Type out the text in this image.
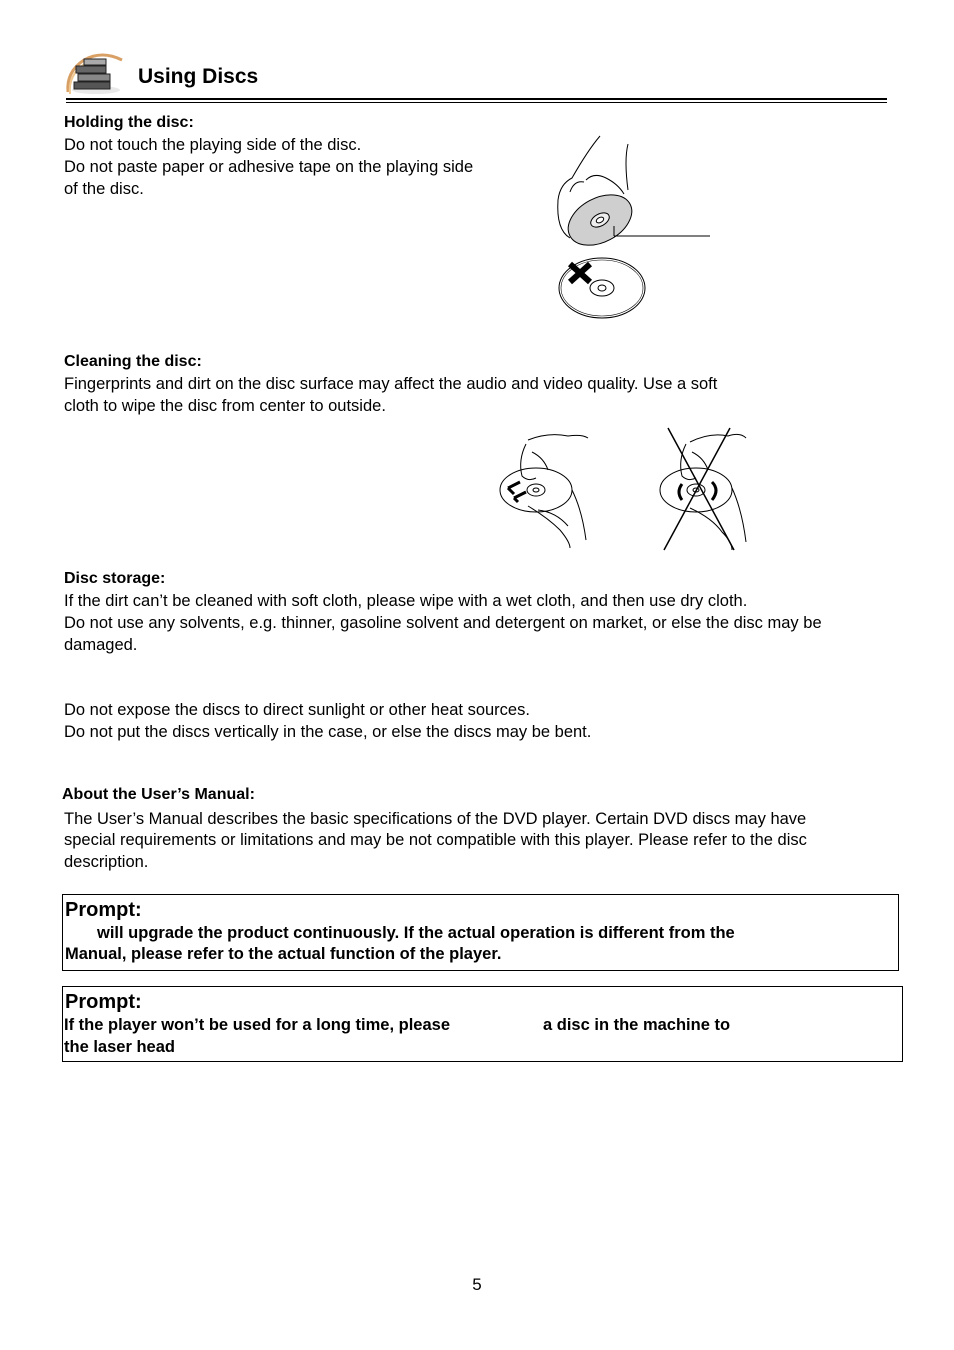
Using Discs
Holding the disc:
Do not touch the playing side of the disc.
Do not paste paper or adhesive tape on the playing side
of the disc.
Cleaning the disc:
Fingerprints and dirt on the disc surface may affect the audio and video quality. Use a soft
cloth to wipe the disc from center to outside.
Disc storage:
If the dirt can’t be cleaned with soft cloth, please wipe with a wet cloth, and then use dry cloth.
Do not use any solvents, e.g. thinner, gasoline solvent and detergent on market, or else the disc may be
damaged.
Do not expose the discs to direct sunlight or other heat sources.
Do not put the discs vertically in the case, or else the discs may be bent.
About the User’s Manual:
The User’s Manual describes the basic specifications of the DVD player. Certain DVD discs may have
special requirements or limitations and may be not compatible with this player. Please refer to the disc
description.
Prompt:
will upgrade the product continuously. If the actual operation is different from the
Manual, please refer to the actual function of the player.
Prompt:
If the player won’t be used for a long time, please	a disc in the machine to
the laser head
5
